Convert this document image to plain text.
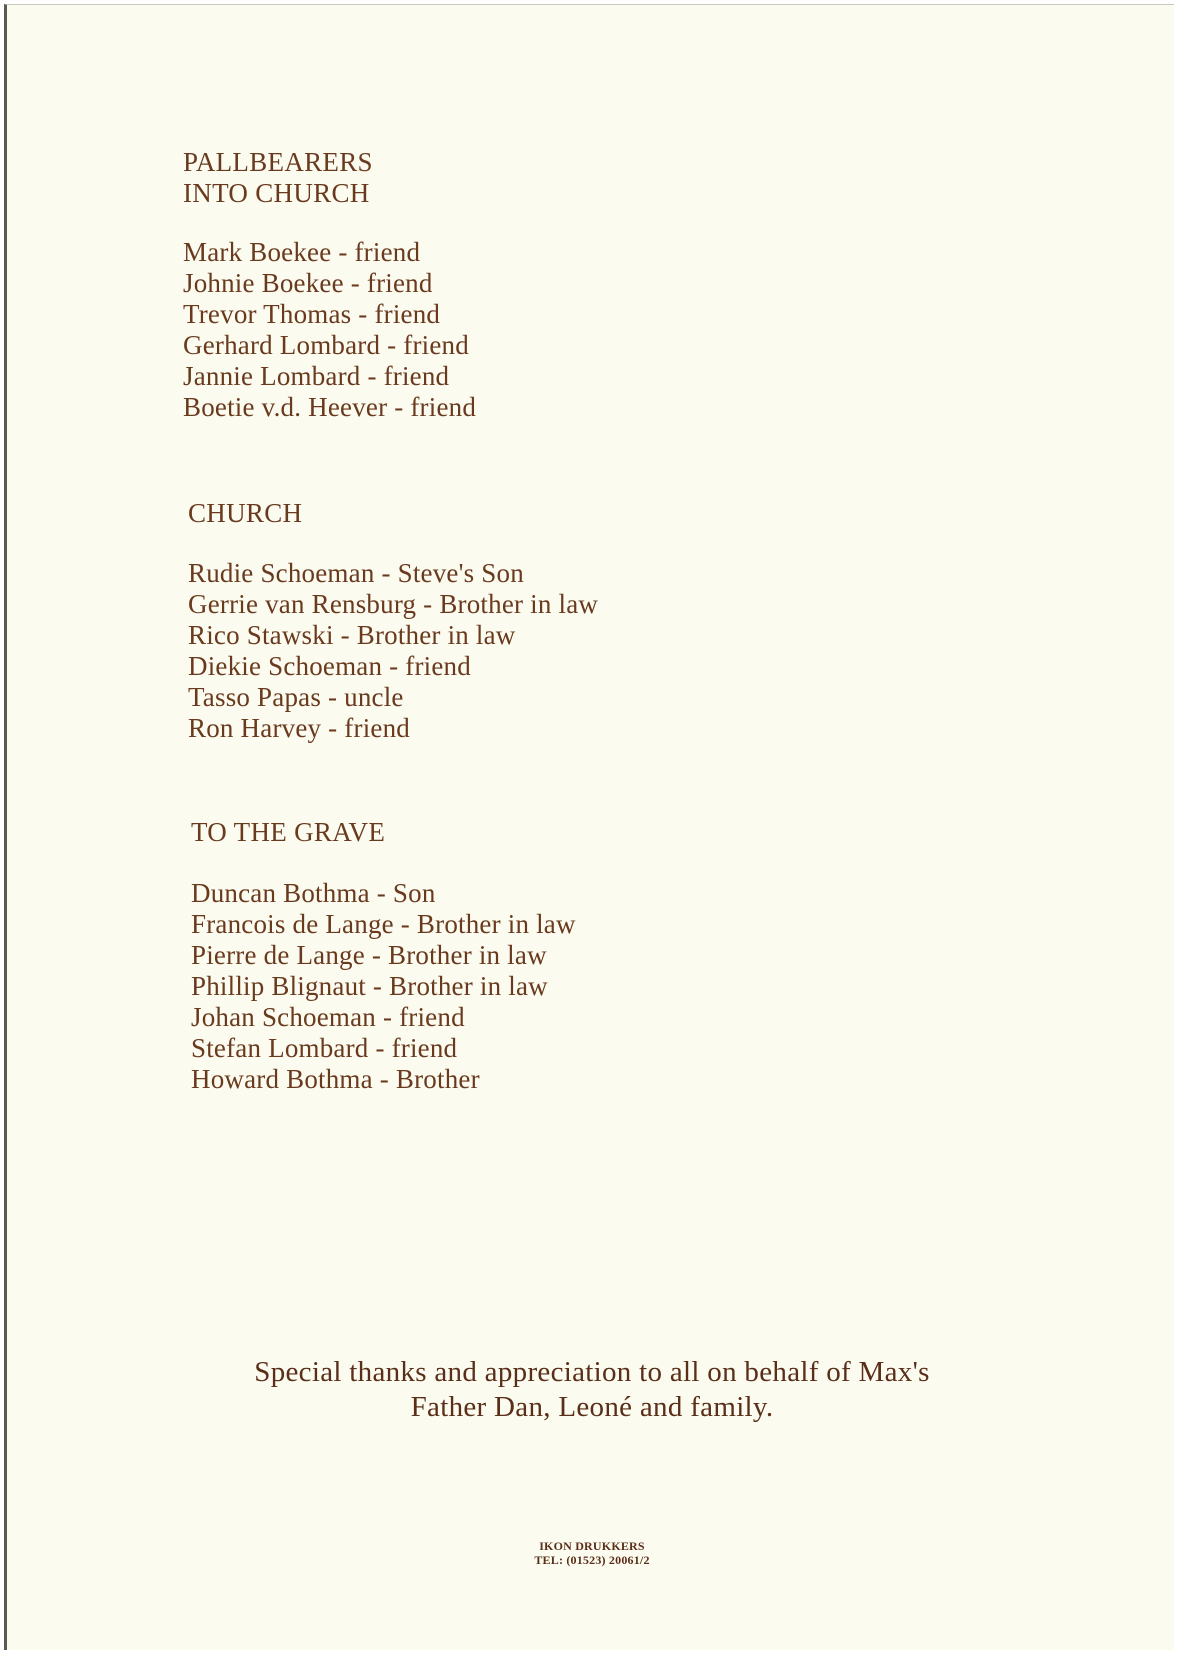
PALLBEARERS
INTO CHURCH
Mark Boekee - friend
Johnie Boekee - friend
Trevor Thomas - friend
Gerhard Lombard - friend
Jannie Lombard - friend
Boetie v.d. Heever - friend
CHURCH
Rudie Schoeman - Steve's Son
Gerrie van Rensburg - Brother in law
Rico Stawski - Brother in law
Diekie Schoeman - friend
Tasso Papas - uncle
Ron Harvey - friend
TO THE GRAVE
Duncan Bothma - Son
Francois de Lange - Brother in law
Pierre de Lange - Brother in law
Phillip Blignaut - Brother in law
Johan Schoeman - friend
Stefan Lombard - friend
Howard Bothma - Brother
Special thanks and appreciation to all on behalf of Max's
Father Dan, Leoné and family.
IKON DRUKKERS
TEL: (01523) 20061/2
